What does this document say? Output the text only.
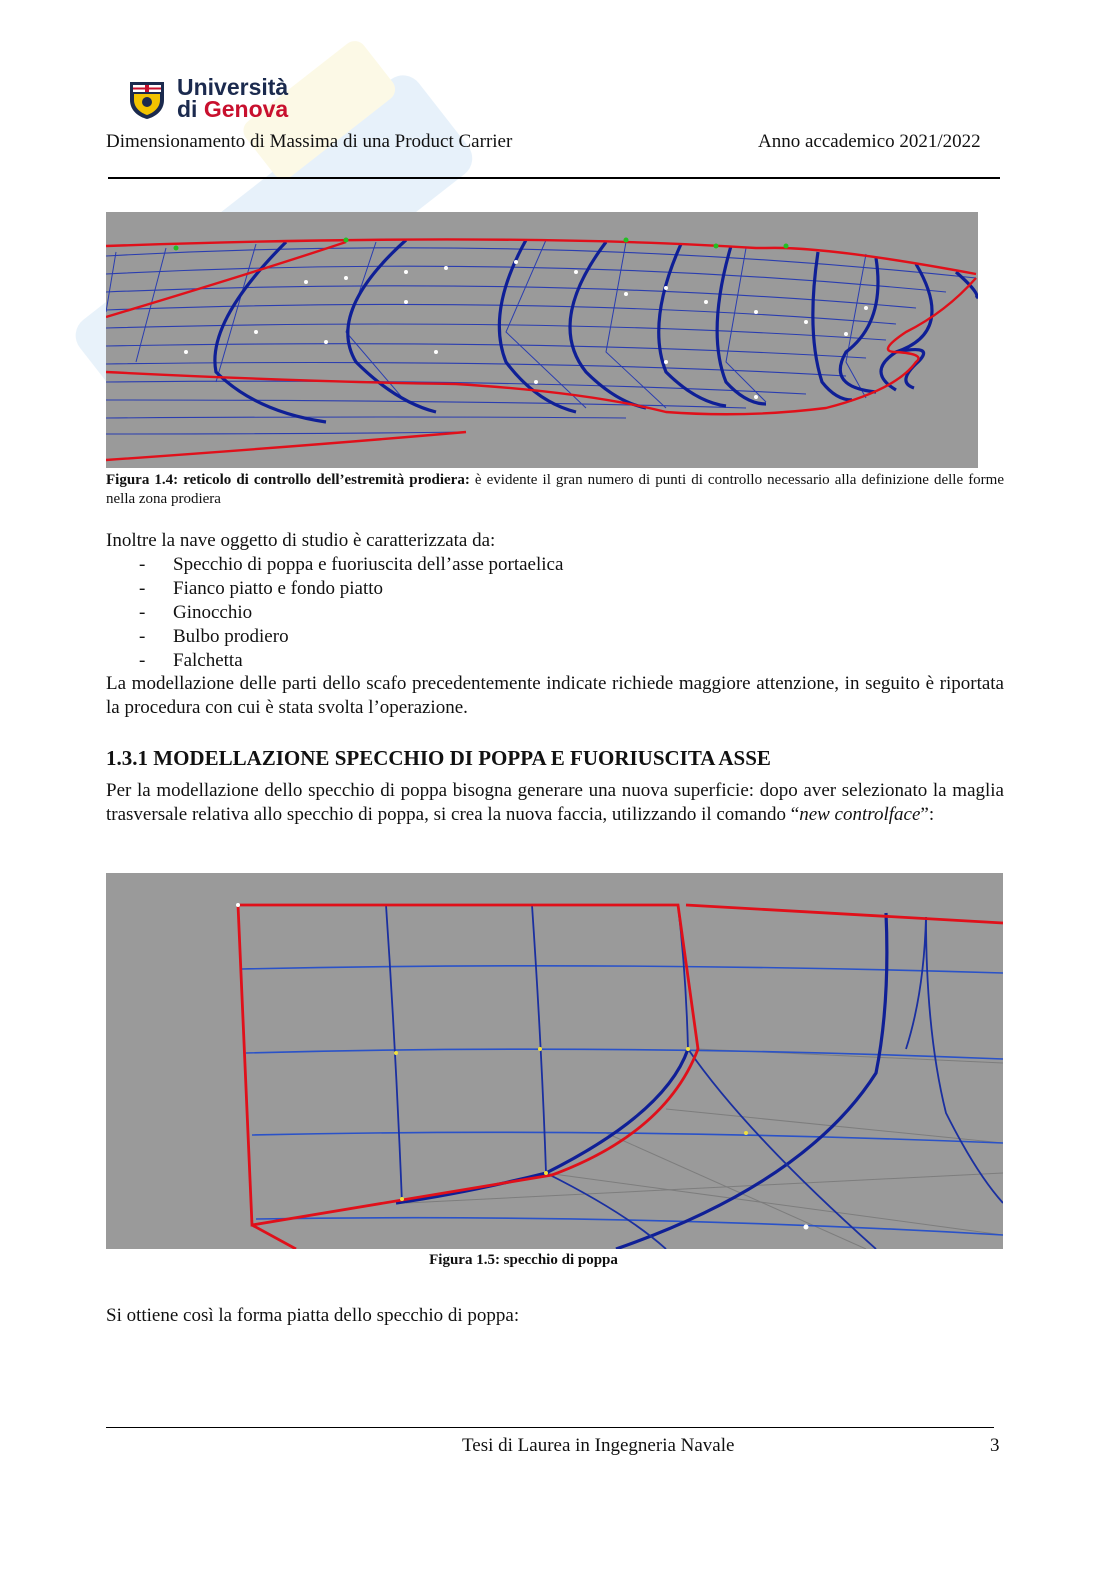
Università
di Genova
Dimensionamento di Massima di una Product Carrier	Anno accademico 2021/2022
Figura 1.4: reticolo di controllo dell’estremità prodiera: è evidente il gran numero di punti di controllo necessario alla definizione delle forme nella zona prodiera
Inoltre la nave oggetto di studio è caratterizzata da:
- Specchio di poppa e fuoriuscita dell’asse portaelica
- Fianco piatto e fondo piatto
- Ginocchio
- Bulbo prodiero
- Falchetta
La modellazione delle parti dello scafo precedentemente indicate richiede maggiore attenzione, in seguito è riportata la procedura con cui è stata svolta l’operazione.
1.3.1 MODELLAZIONE SPECCHIO DI POPPA E FUORIUSCITA ASSE
Per la modellazione dello specchio di poppa bisogna generare una nuova superficie: dopo aver selezionato la maglia trasversale relativa allo specchio di poppa, si crea la nuova faccia, utilizzando il comando “new controlface”:
Figura 1.5: specchio di poppa
Si ottiene così la forma piatta dello specchio di poppa:
Tesi di Laurea in Ingegneria Navale	3
